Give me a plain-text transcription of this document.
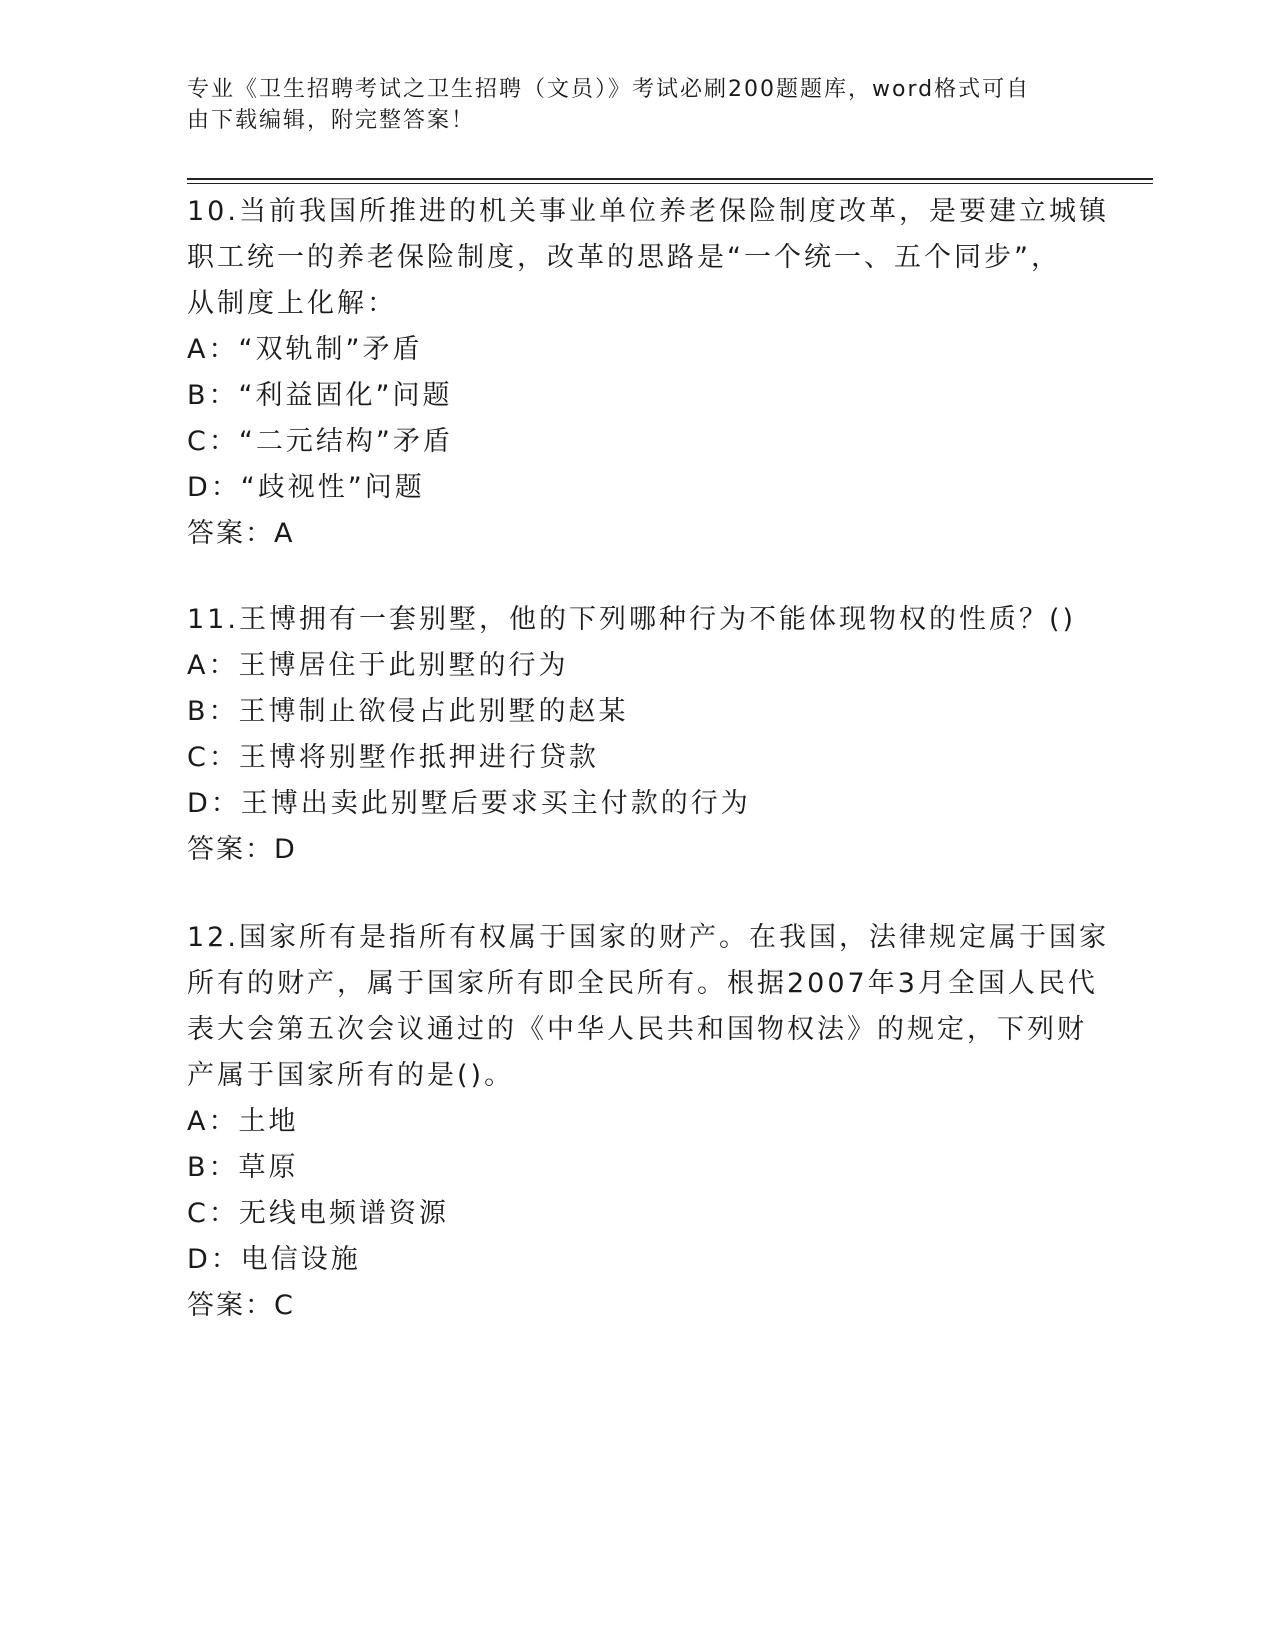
专业《卫生招聘考试之卫生招聘（文员）》考试必刷200题题库，word格式可自
由下载编辑，附完整答案！
10.当前我国所推进的机关事业单位养老保险制度改革，是要建立城镇
职工统一的养老保险制度，改革的思路是“一个统一、五个同步”，
从制度上化解：
A：“双轨制”矛盾
B：“利益固化”问题
C：“二元结构”矛盾
D：“歧视性”问题
答案：A
11.王博拥有一套别墅，他的下列哪种行为不能体现物权的性质？()
A：王博居住于此别墅的行为
B：王博制止欲侵占此别墅的赵某
C：王博将别墅作抵押进行贷款
D：王博出卖此别墅后要求买主付款的行为
答案：D
12.国家所有是指所有权属于国家的财产。在我国，法律规定属于国家
所有的财产，属于国家所有即全民所有。根据2007年3月全国人民代
表大会第五次会议通过的《中华人民共和国物权法》的规定，下列财
产属于国家所有的是()。
A：土地
B：草原
C：无线电频谱资源
D：电信设施
答案：C
